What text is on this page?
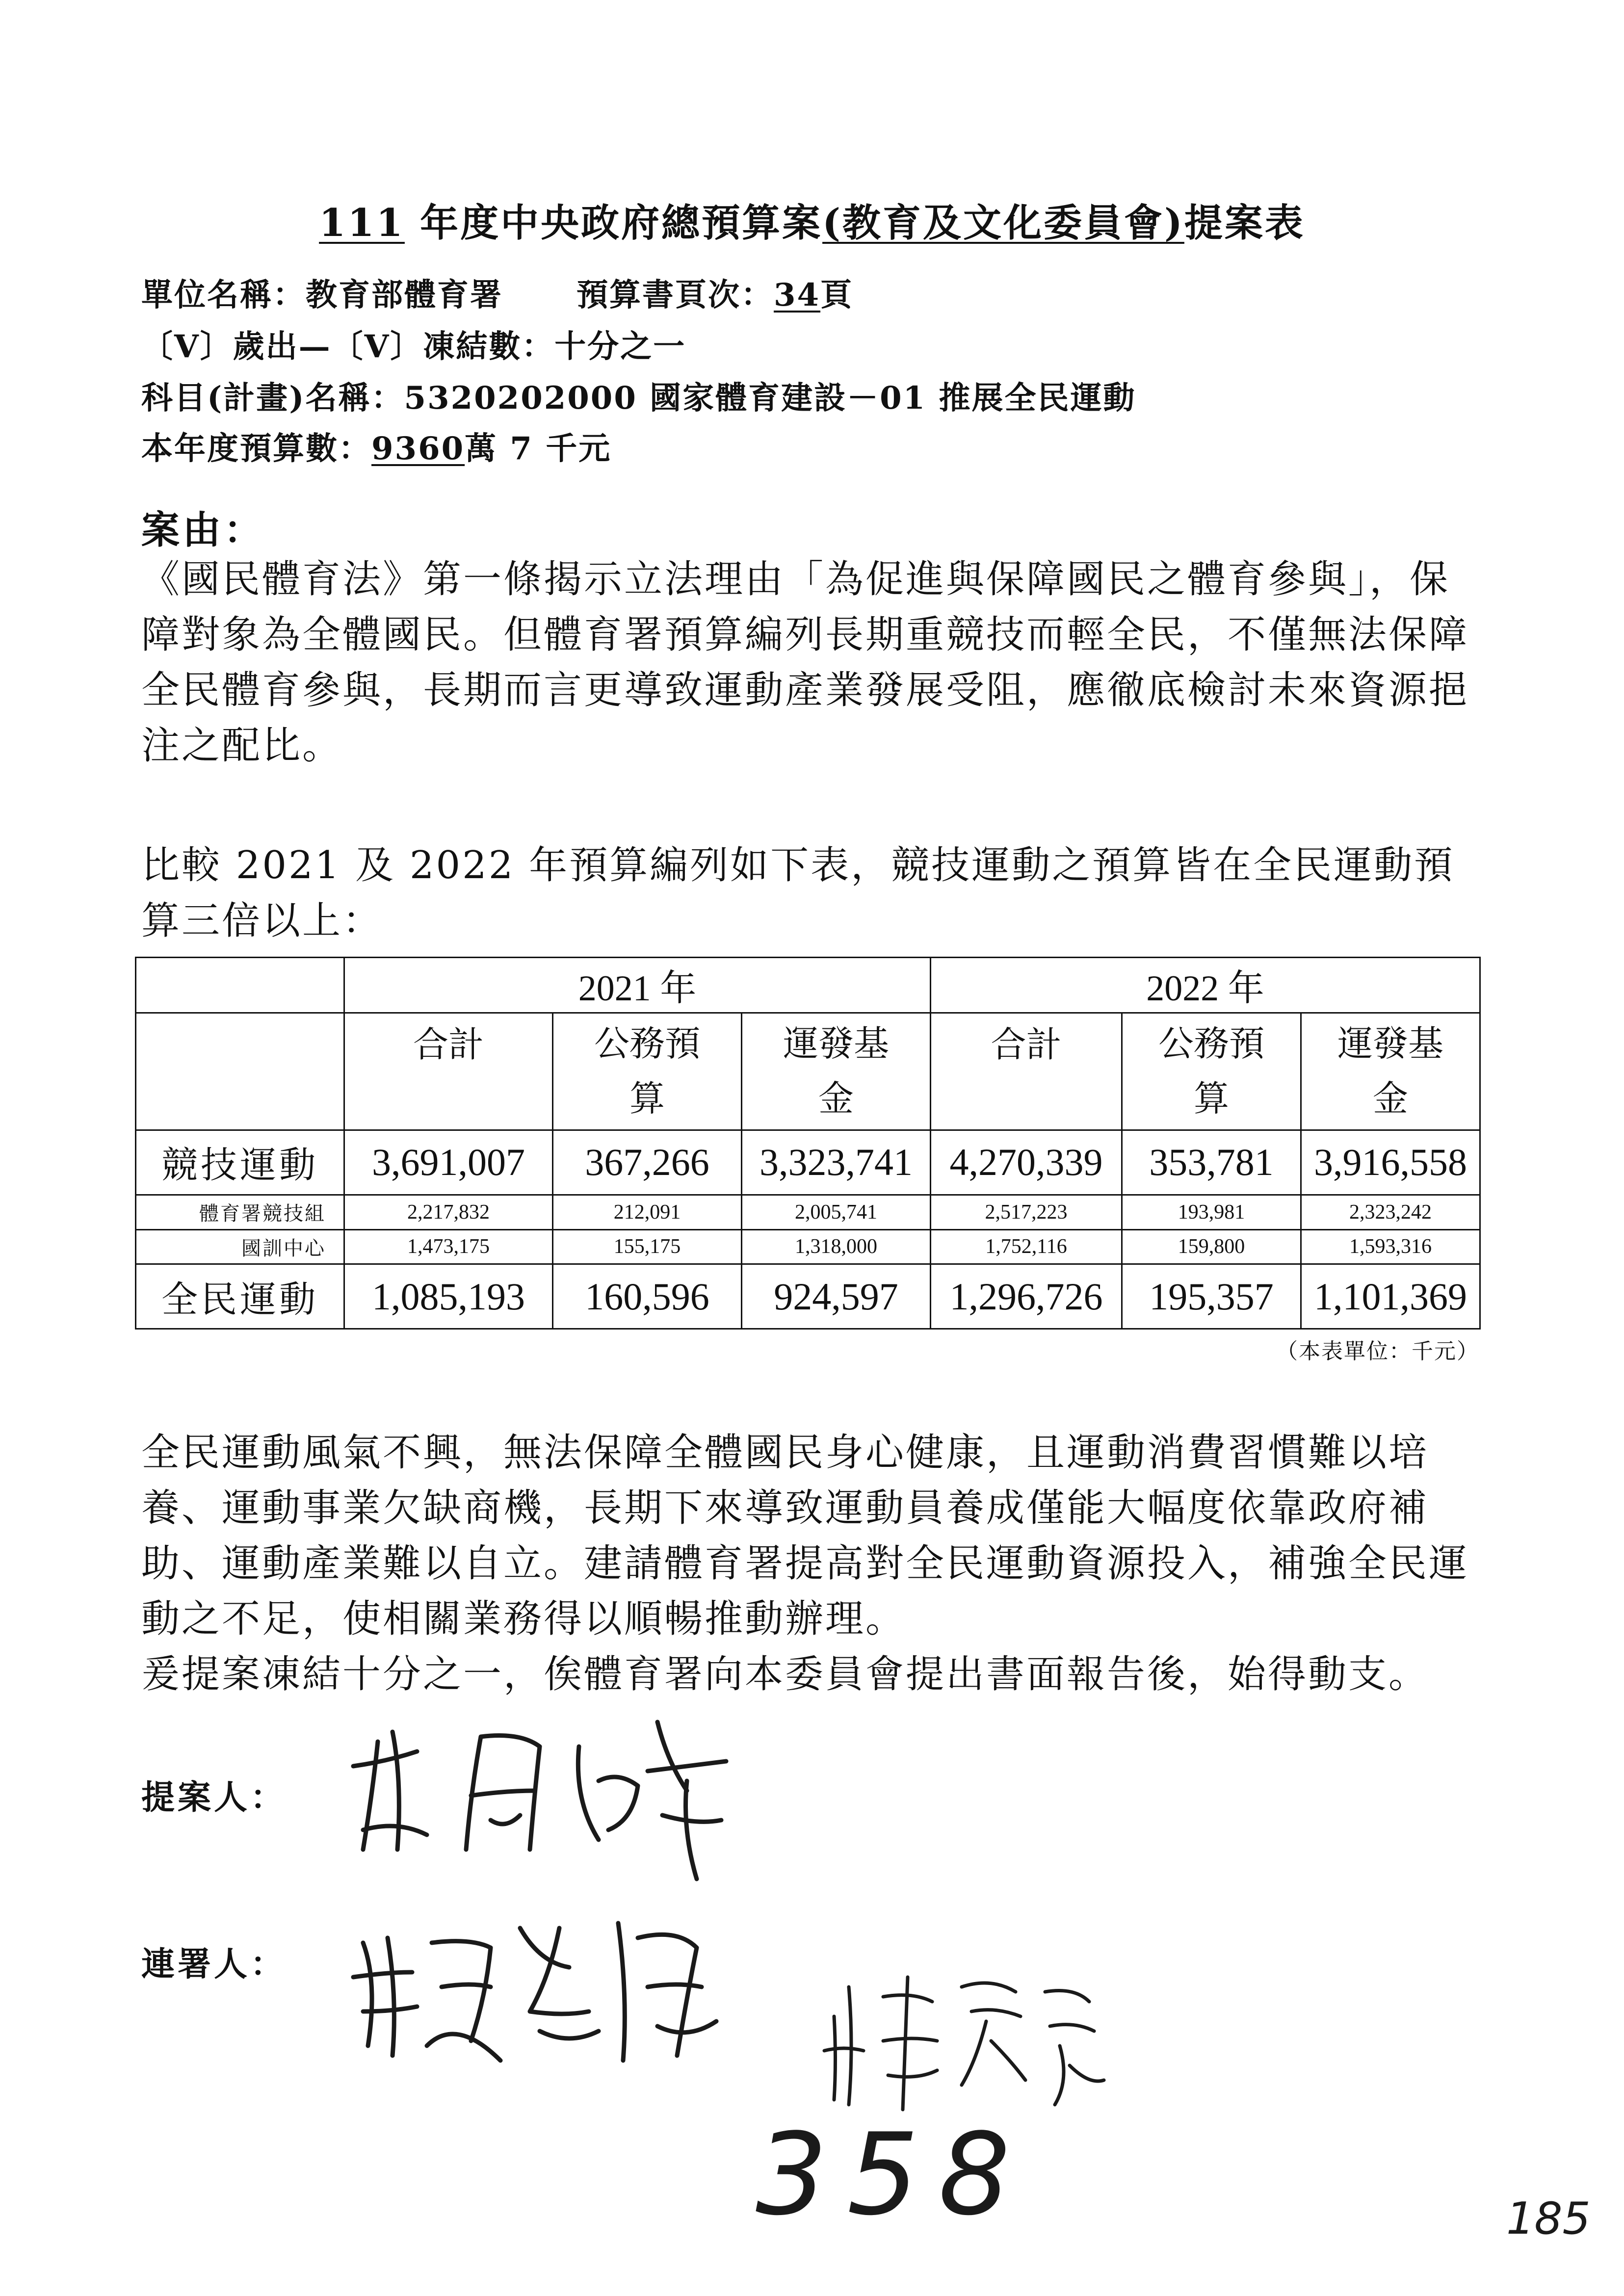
111 年度中央政府總預算案(教育及文化委員會)提案表
單位名稱：教育部體育署 預算書頁次：34頁
〔V〕歲出—〔V〕凍結數：十分之一
科目(計畫)名稱：5320202000 國家體育建設－01 推展全民運動
本年度預算數：9360萬 7 千元
案由：
《國民體育法》第一條揭示立法理由「為促進與保障國民之體育參與」，保障對象為全體國民。但體育署預算編列長期重競技而輕全民，不僅無法保障全民體育參與，長期而言更導致運動產業發展受阻，應徹底檢討未來資源挹注之配比。
比較 2021 及 2022 年預算編列如下表，競技運動之預算皆在全民運動預算三倍以上：
	2021 年			2022 年		
	合計	公務預算	運發基金	合計	公務預算	運發基金

競技運動	3,691,007	367,266	3,323,741	4,270,339	353,781	3,916,558
體育署競技組	2,217,832	212,091	2,005,741	2,517,223	193,981	2,323,242
國訓中心	1,473,175	155,175	1,318,000	1,752,116	159,800	1,593,316
全民運動	1,085,193	160,596	924,597	1,296,726	195,357	1,101,369
（本表單位：千元）
全民運動風氣不興，無法保障全體國民身心健康，且運動消費習慣難以培養、運動事業欠缺商機，長期下來導致運動員養成僅能大幅度依靠政府補助、運動產業難以自立。建請體育署提高對全民運動資源投入，補強全民運動之不足，使相關業務得以順暢推動辦理。
爰提案凍結十分之一，俟體育署向本委員會提出書面報告後，始得動支。
提案人：
連署人：
358	185
